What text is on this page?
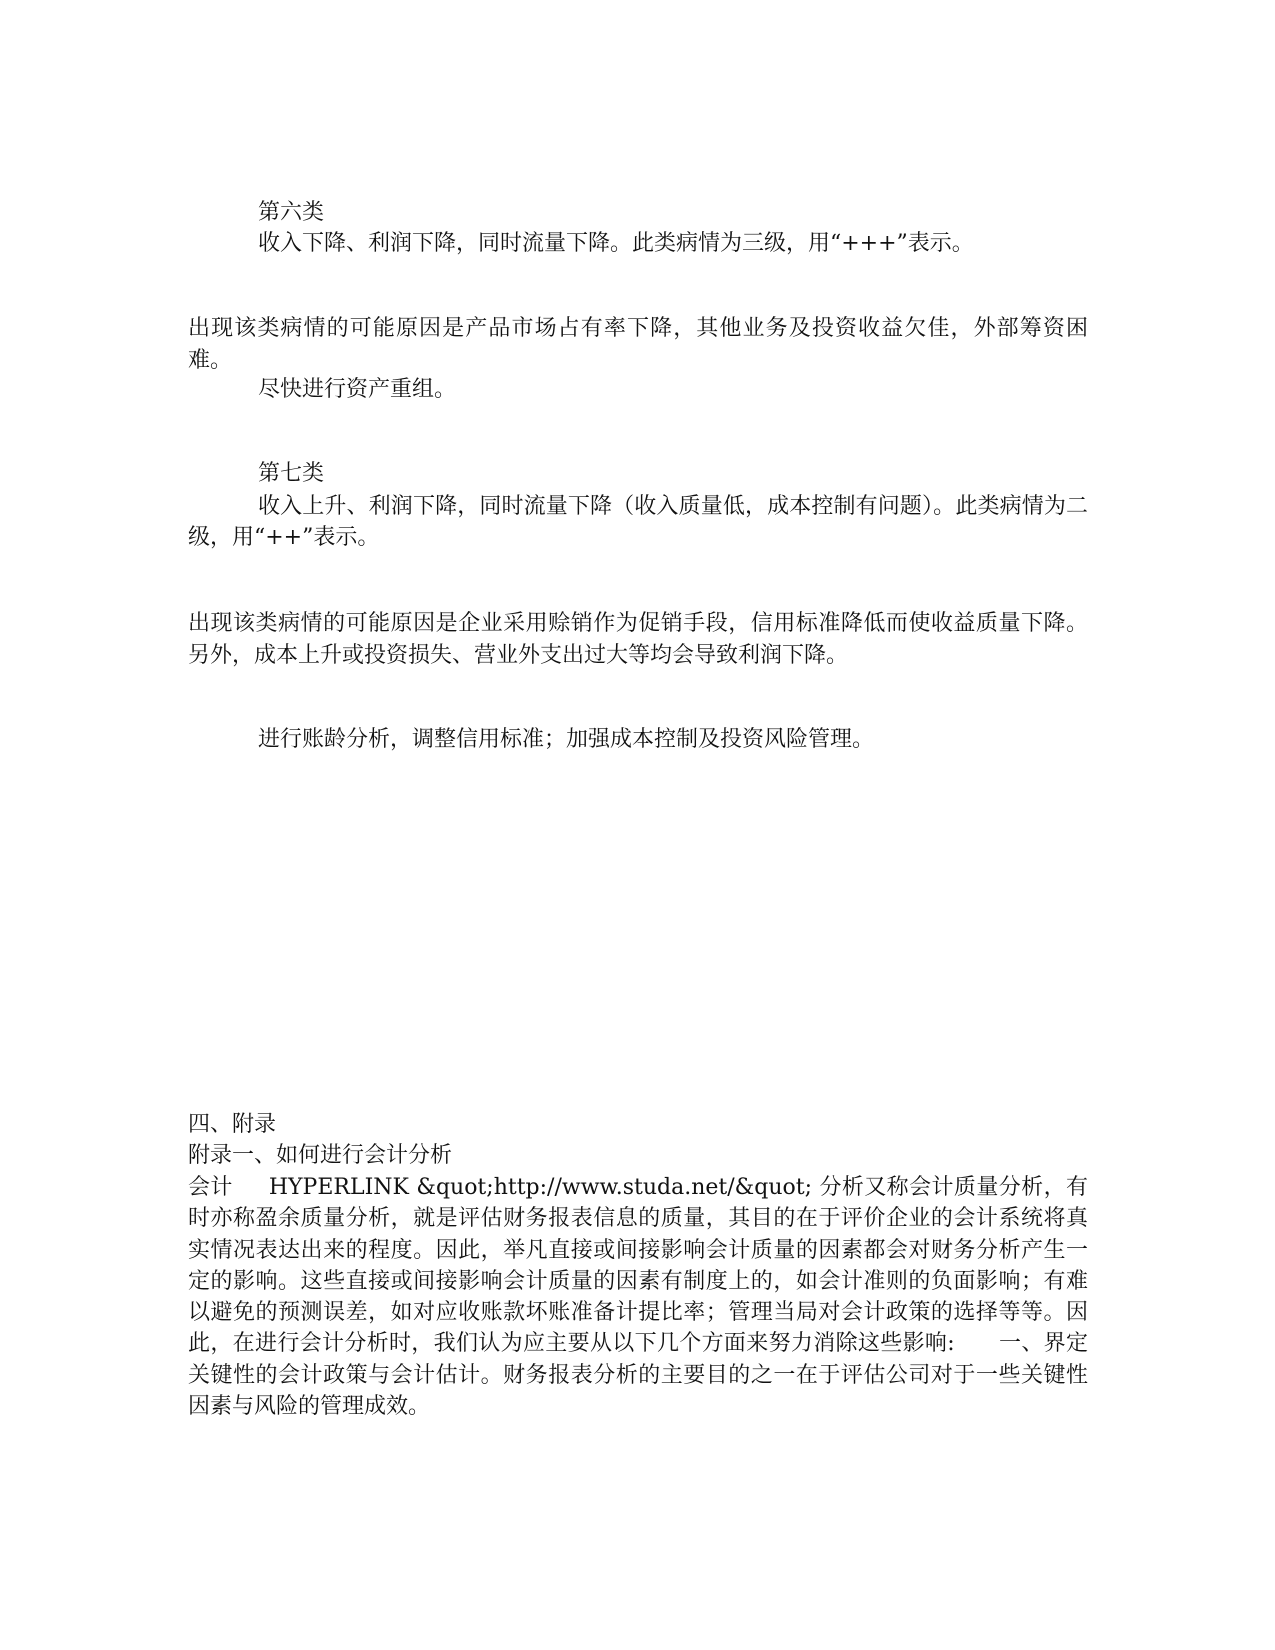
第六类
收入下降、利润下降，同时流量下降。此类病情为三级，用“+++”表示。
出现该类病情的可能原因是产品市场占有率下降，其他业务及投资收益欠佳，外部筹资困难。
尽快进行资产重组。
第七类
收入上升、利润下降，同时流量下降（收入质量低，成本控制有问题）。此类病情为二级，用“++”表示。
出现该类病情的可能原因是企业采用赊销作为促销手段，信用标准降低而使收益质量下降。另外，成本上升或投资损失、营业外支出过大等均会导致利润下降。
进行账龄分析，调整信用标准；加强成本控制及投资风险管理。
四、附录
附录一、如何进行会计分析
会计 HYPERLINK &quot;http://www.studa.net/&quot; 分析又称会计质量分析，有时亦称盈余质量分析，就是评估财务报表信息的质量，其目的在于评价企业的会计系统将真实情况表达出来的程度。因此，举凡直接或间接影响会计质量的因素都会对财务分析产生一定的影响。这些直接或间接影响会计质量的因素有制度上的，如会计准则的负面影响；有难以避免的预测误差，如对应收账款坏账准备计提比率；管理当局对会计政策的选择等等。因此，在进行会计分析时，我们认为应主要从以下几个方面来努力消除这些影响: 一、界定关键性的会计政策与会计估计。财务报表分析的主要目的之一在于评估公司对于一些关键性因素与风险的管理成效。
